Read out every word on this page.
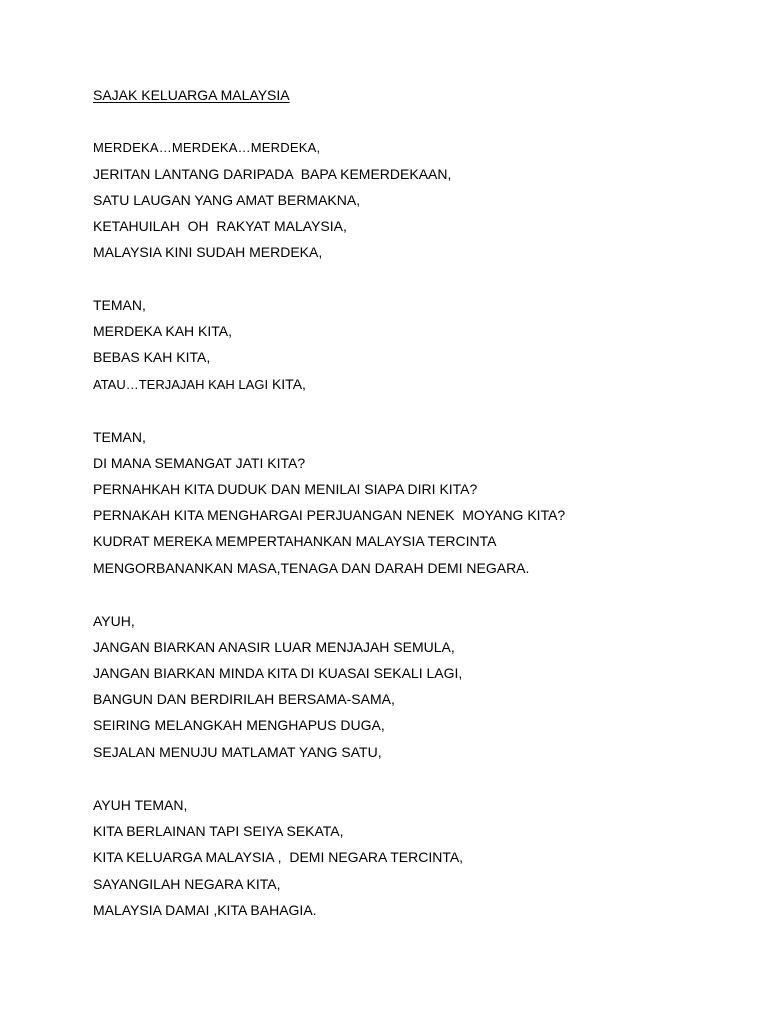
SAJAK KELUARGA MALAYSIA
MERDEKA…MERDEKA…MERDEKA,
JERITAN LANTANG DARIPADA  BAPA KEMERDEKAAN,
SATU LAUGAN YANG AMAT BERMAKNA,
KETAHUILAH  OH  RAKYAT MALAYSIA,
MALAYSIA KINI SUDAH MERDEKA,
TEMAN,
MERDEKA KAH KITA,
BEBAS KAH KITA,
ATAU…TERJAJAH KAH LAGI KITA,
TEMAN,
DI MANA SEMANGAT JATI KITA?
PERNAHKAH KITA DUDUK DAN MENILAI SIAPA DIRI KITA?
PERNAKAH KITA MENGHARGAI PERJUANGAN NENEK  MOYANG KITA?
KUDRAT MEREKA MEMPERTAHANKAN MALAYSIA TERCINTA
MENGORBANANKAN MASA,TENAGA DAN DARAH DEMI NEGARA.
AYUH,
JANGAN BIARKAN ANASIR LUAR MENJAJAH SEMULA,
JANGAN BIARKAN MINDA KITA DI KUASAI SEKALI LAGI,
BANGUN DAN BERDIRILAH BERSAMA-SAMA,
SEIRING MELANGKAH MENGHAPUS DUGA,
SEJALAN MENUJU MATLAMAT YANG SATU,
AYUH TEMAN,
KITA BERLAINAN TAPI SEIYA SEKATA,
KITA KELUARGA MALAYSIA ,  DEMI NEGARA TERCINTA,
SAYANGILAH NEGARA KITA,
MALAYSIA DAMAI ,KITA BAHAGIA.
